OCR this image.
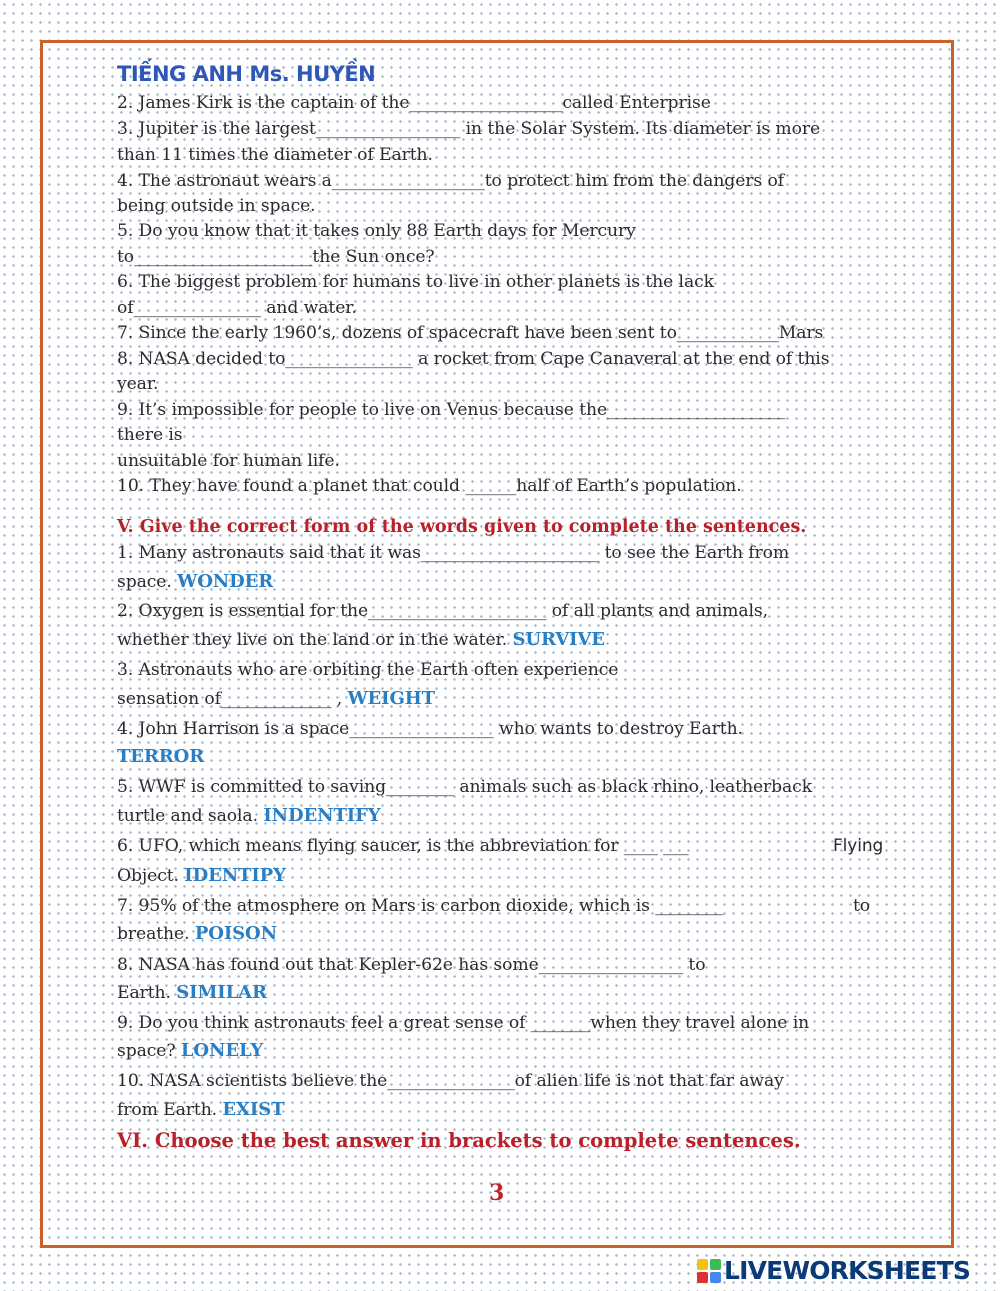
TIẾNG ANH Ms. HUYỀN
2. James Kirk is the captain of the__________________called Enterprise
3. Jupiter is the largest_________________ in the Solar System. Its diameter is more
than 11 times the diameter of Earth.
4. The astronaut wears a__________________to protect him from the dangers of
being outside in space.
5. Do you know that it takes only 88 Earth days for Mercury
to_____________________the Sun once?
6. The biggest problem for humans to live in other planets is the lack
of_______________ and water.
7. Since the early 1960’s, dozens of spacecraft have been sent to____________Mars
8. NASA decided to_______________ a rocket from Cape Canaveral at the end of this
year.
9. It’s impossible for people to live on Venus because the_____________________
there is
unsuitable for human life.
10. They have found a planet that could ______half of Earth’s population.
V. Give the correct form of the words given to complete the sentences.
1. Many astronauts said that it was_____________________ to see the Earth from
space. WONDER
2. Oxygen is essential for the_____________________ of all plants and animals,
whether they live on the land or in the water. SURVIVE
3. Astronauts who are orbiting the Earth often experience
sensation of_____________ , WEIGHT
4. John Harrison is a space_________________ who wants to destroy Earth.
TERROR
5. WWF is committed to saving________ animals such as black rhino, leatherback
turtle and saola. INDENTIFY
6. UFO, which means flying saucer, is the abbreviation for ____ ___	Flying
Object. IDENTIPY
7. 95% of the atmosphere on Mars is carbon dioxide, which is ________	to
breathe. POISON
8. NASA has found out that Kepler-62e has some_________________ to
Earth. SIMILAR
9. Do you think astronauts feel a great sense of _______when they travel alone in
space? LONELY
10. NASA scientists believe the_______________of alien life is not that far away
from Earth. EXIST
VI. Choose the best answer in brackets to complete sentences.
3
LIVEWORKSHEETS
